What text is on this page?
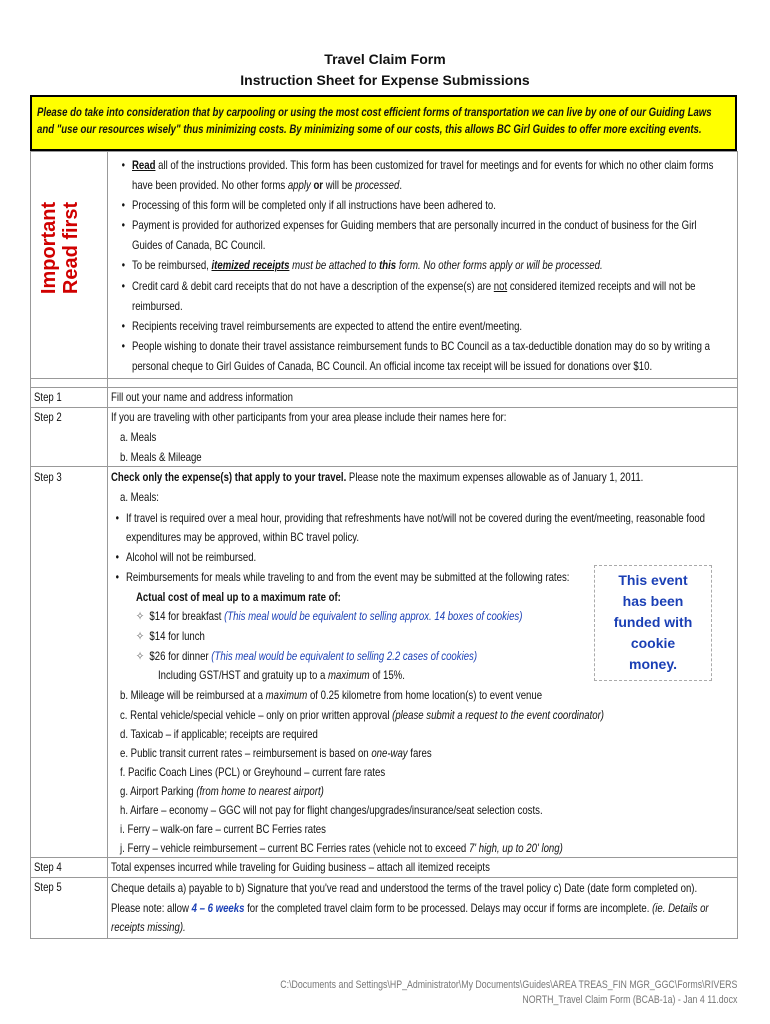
Travel Claim Form
Instruction Sheet for Expense Submissions
Please do take into consideration that by carpooling or using the most cost efficient forms of transportation we can live by one of our Guiding Laws
and "use our resources wisely" thus minimizing costs. By minimizing some of our costs, this allows BC Girl Guides to offer more exciting events.
Important Read first
• Read all of the instructions provided. This form has been customized for travel for meetings and for events for which no other claim forms
have been provided. No other forms apply or will be processed.
• Processing of this form will be completed only if all instructions have been adhered to.
• Payment is provided for authorized expenses for Guiding members that are personally incurred in the conduct of business for the Girl
Guides of Canada, BC Council.
• To be reimbursed, itemized receipts must be attached to this form. No other forms apply or will be processed.
• Credit card & debit card receipts that do not have a description of the expense(s) are not considered itemized receipts and will not be
reimbursed.
• Recipients receiving travel reimbursements are expected to attend the entire event/meeting.
• People wishing to donate their travel assistance reimbursement funds to BC Council as a tax-deductible donation may do so by writing a
personal cheque to Girl Guides of Canada, BC Council. An official income tax receipt will be issued for donations over $10.
Step 1
Step 2
Step 3
Step 4
Step 5
Fill out your name and address information
If you are traveling with other participants from your area please include their names here for:
a. Meals
b. Meals & Mileage
Check only the expense(s) that apply to your travel. Please note the maximum expenses allowable as of January 1, 2011.
a. Meals:
• If travel is required over a meal hour, providing that refreshments have not/will not be covered during the event/meeting, reasonable food
expenditures may be approved, within BC travel policy.
• Alcohol will not be reimbursed.
• Reimbursements for meals while traveling to and from the event may be submitted at the following rates:
Actual cost of meal up to a maximum rate of:
✧  $14 for breakfast (This meal would be equivalent to selling approx. 14 boxes of cookies)
✧  $14 for lunch
✧  $26 for dinner (This meal would be equivalent to selling 2.2 cases of cookies)
Including GST/HST and gratuity up to a maximum of 15%.
b. Mileage will be reimbursed at a maximum of 0.25 kilometre from home location(s) to event venue
c. Rental vehicle/special vehicle – only on prior written approval (please submit a request to the event coordinator)
d. Taxicab – if applicable; receipts are required
e. Public transit current rates – reimbursement is based on one-way fares
f. Pacific Coach Lines (PCL) or Greyhound – current fare rates
g. Airport Parking (from home to nearest airport)
h. Airfare – economy – GGC will not pay for flight changes/upgrades/insurance/seat selection costs.
i. Ferry – walk-on fare – current BC Ferries rates
j. Ferry – vehicle reimbursement – current BC Ferries rates (vehicle not to exceed 7' high, up to 20' long)
Total expenses incurred while traveling for Guiding business – attach all itemized receipts
Cheque details a) payable to b) Signature that you've read and understood the terms of the travel policy c) Date (date form completed on).
Please note: allow 4 – 6 weeks for the completed travel claim form to be processed. Delays may occur if forms are incomplete. (ie. Details or
receipts missing).
This event
has been
funded with
cookie
money.
C:\Documents and Settings\HP_Administrator\My Documents\Guides\AREA TREAS_FIN MGR_GGC\Forms\RIVERS
NORTH_Travel Claim Form (BCAB-1a) - Jan 4 11.docx
